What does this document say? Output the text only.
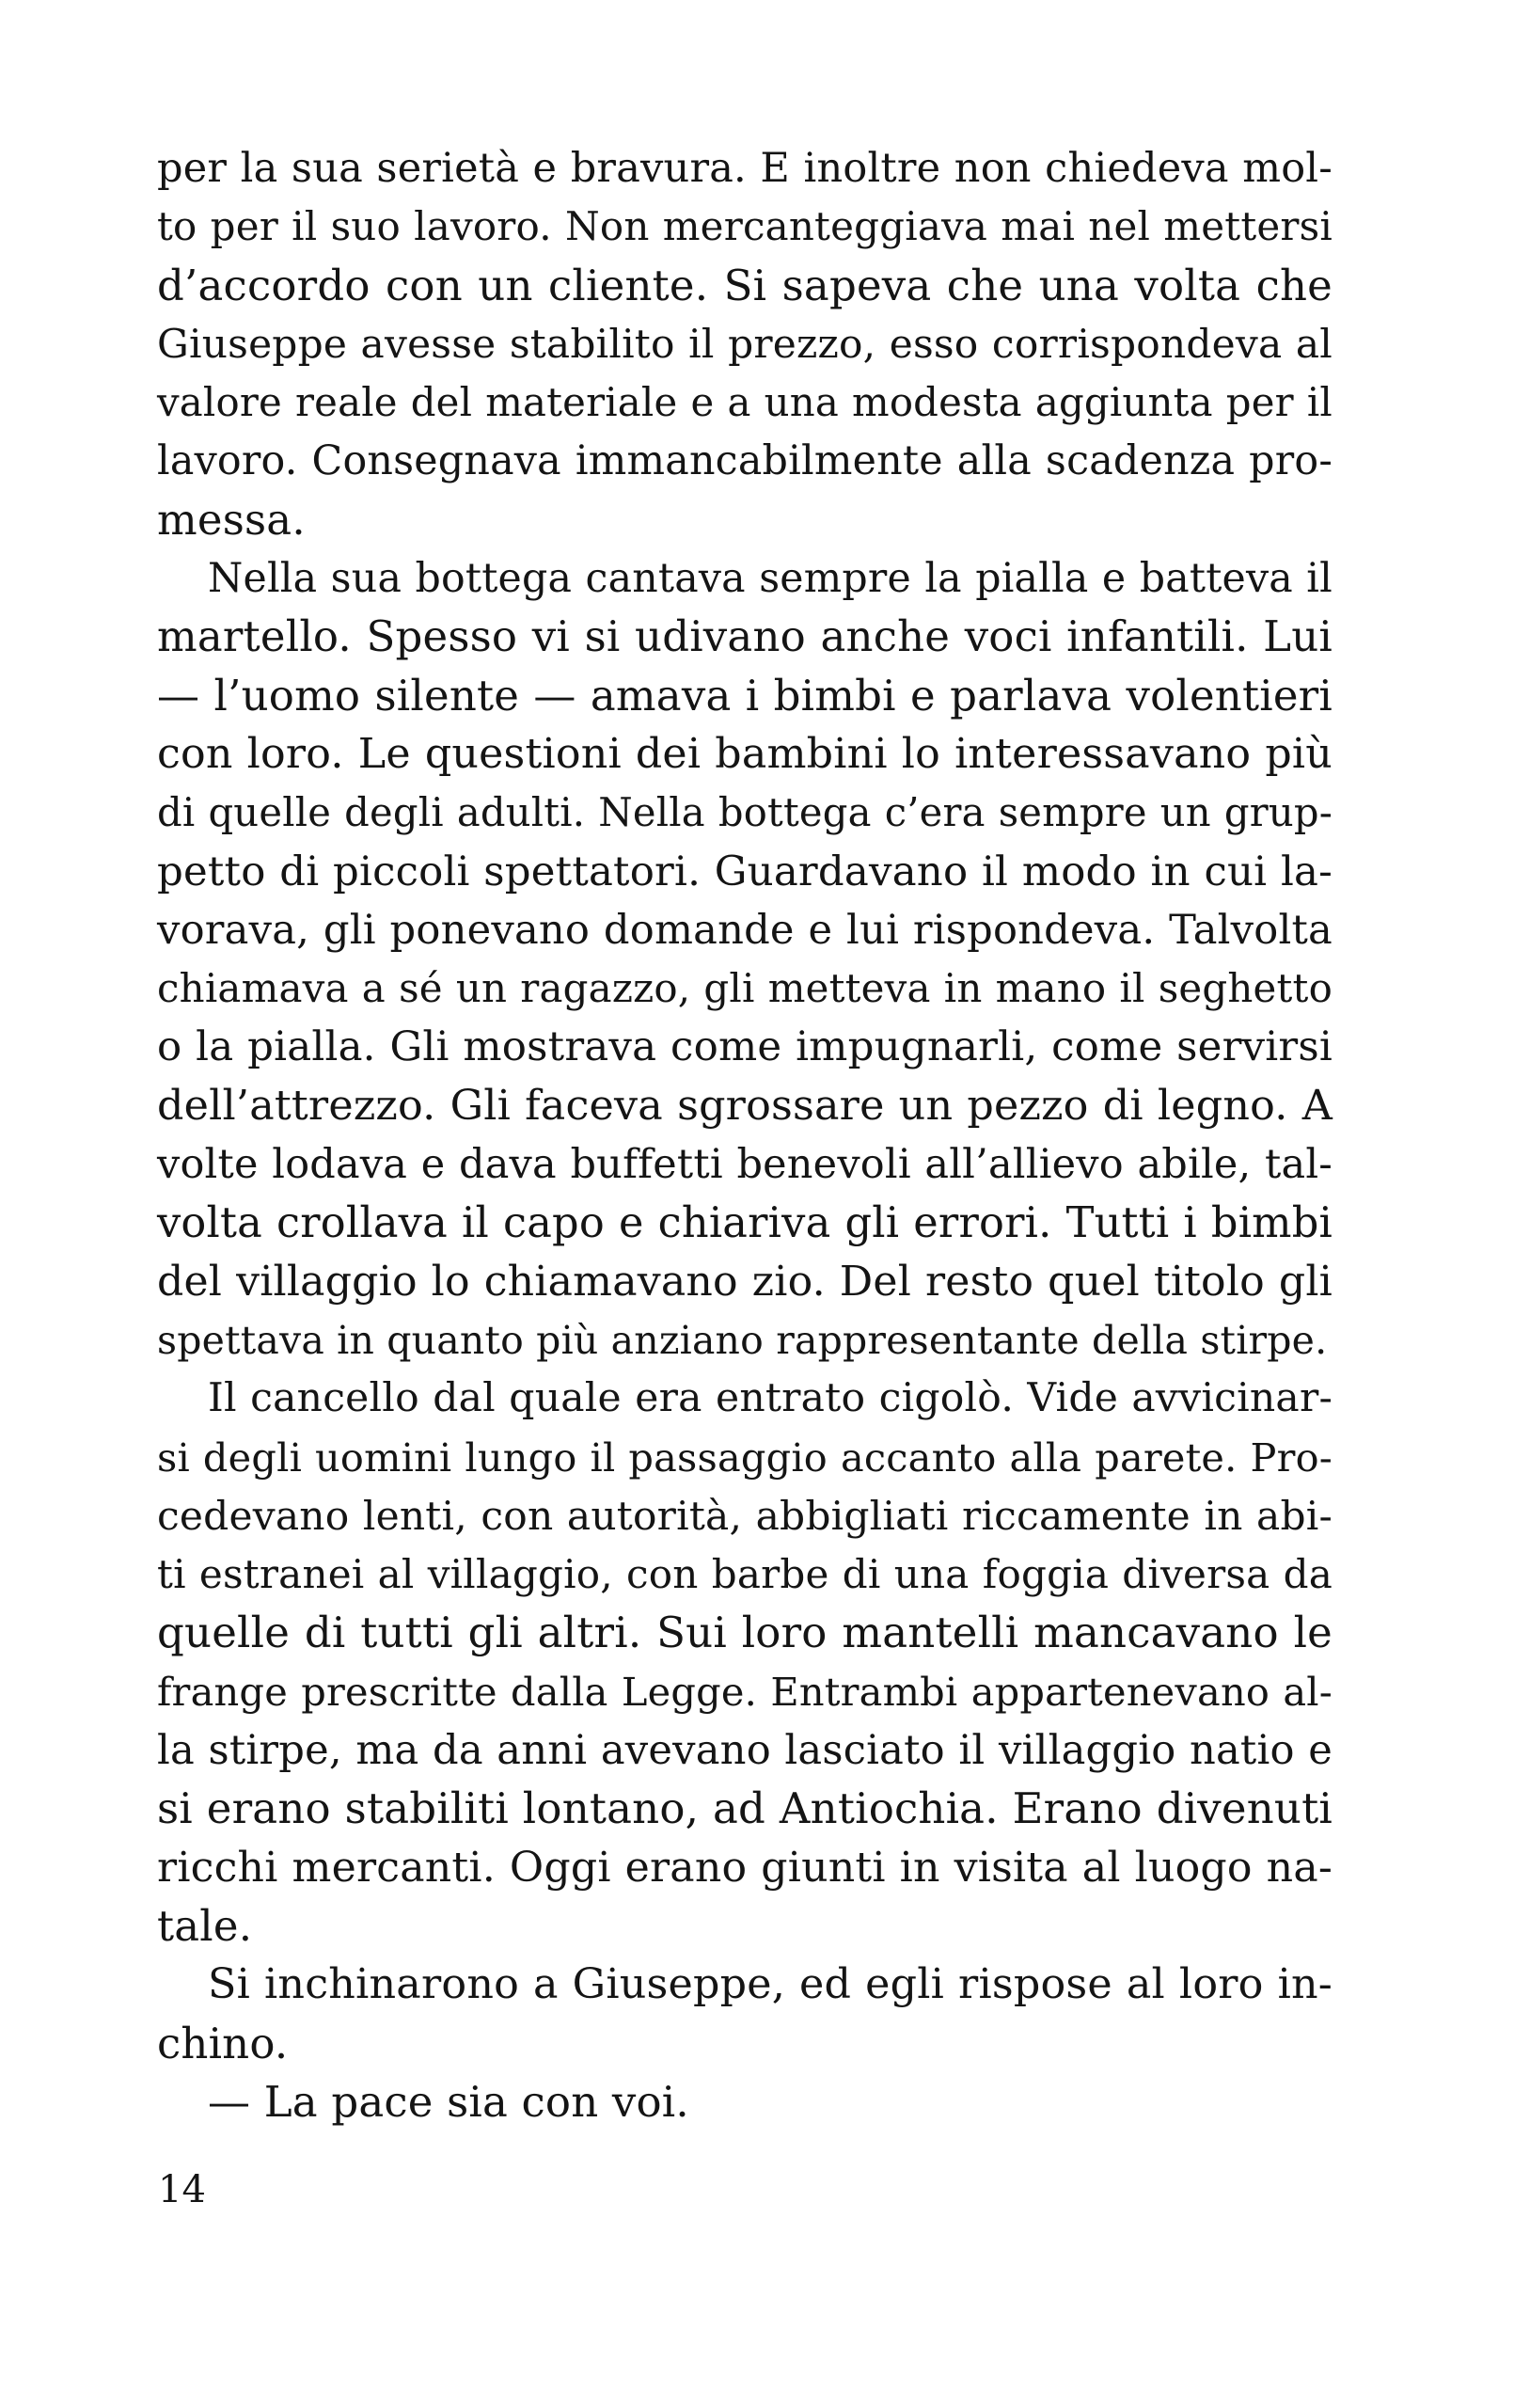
per la sua serietà e bravura. E inoltre non chiedeva mol-
to per il suo lavoro. Non mercanteggiava mai nel mettersi
d’accordo con un cliente. Si sapeva che una volta che
Giuseppe avesse stabilito il prezzo, esso corrispondeva al
valore reale del materiale e a una modesta aggiunta per il
lavoro. Consegnava immancabilmente alla scadenza pro-
messa.
Nella sua bottega cantava sempre la pialla e batteva il
martello. Spesso vi si udivano anche voci infantili. Lui
— l’uomo silente — amava i bimbi e parlava volentieri
con loro. Le questioni dei bambini lo interessavano più
di quelle degli adulti. Nella bottega c’era sempre un grup-
petto di piccoli spettatori. Guardavano il modo in cui la-
vorava, gli ponevano domande e lui rispondeva. Talvolta
chiamava a sé un ragazzo, gli metteva in mano il seghetto
o la pialla. Gli mostrava come impugnarli, come servirsi
dell’attrezzo. Gli faceva sgrossare un pezzo di legno. A
volte lodava e dava buffetti benevoli all’allievo abile, tal-
volta crollava il capo e chiariva gli errori. Tutti i bimbi
del villaggio lo chiamavano zio. Del resto quel titolo gli
spettava in quanto più anziano rappresentante della stirpe.
Il cancello dal quale era entrato cigolò. Vide avvicinar-
si degli uomini lungo il passaggio accanto alla parete. Pro-
cedevano lenti, con autorità, abbigliati riccamente in abi-
ti estranei al villaggio, con barbe di una foggia diversa da
quelle di tutti gli altri. Sui loro mantelli mancavano le
frange prescritte dalla Legge. Entrambi appartenevano al-
la stirpe, ma da anni avevano lasciato il villaggio natio e
si erano stabiliti lontano, ad Antiochia. Erano divenuti
ricchi mercanti. Oggi erano giunti in visita al luogo na-
tale.
Si inchinarono a Giuseppe, ed egli rispose al loro in-
chino.
— La pace sia con voi.
14
